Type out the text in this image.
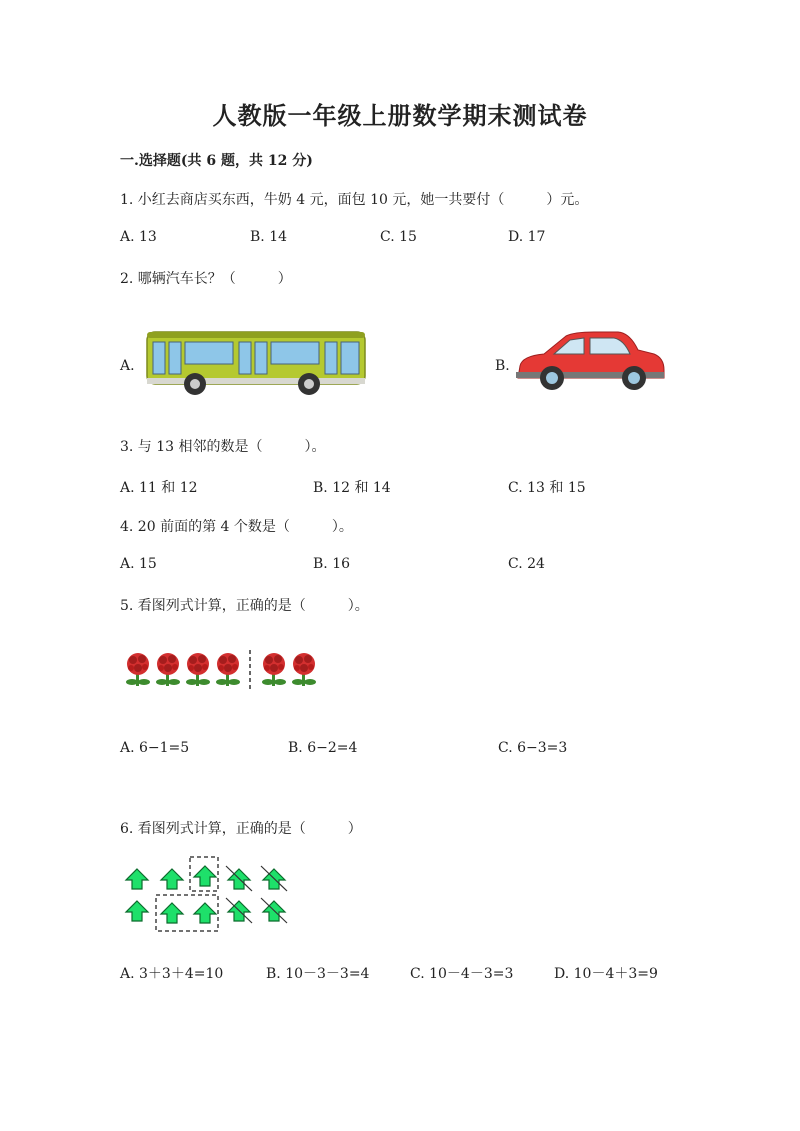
人教版一年级上册数学期末测试卷
一.选择题(共 6 题，共 12 分)
1. 小红去商店买东西，牛奶 4 元，面包 10 元，她一共要付（　　　）元。
A. 13	B. 14	C. 15	D. 17
2. 哪辆汽车长？（　　　）
A.	B.
3. 与 13 相邻的数是（　　　）。
A. 11 和 12	B. 12 和 14	C. 13 和 15
4. 20 前面的第 4 个数是（　　　）。
A. 15	B. 16	C. 24
5. 看图列式计算，正确的是（　　　）。
A. 6−1=5	B. 6−2=4	C. 6−3=3
6. 看图列式计算，正确的是（　　　）
A. 3＋3＋4=10	B. 10－3－3=4	C. 10－4－3=3	D. 10－4＋3=9
